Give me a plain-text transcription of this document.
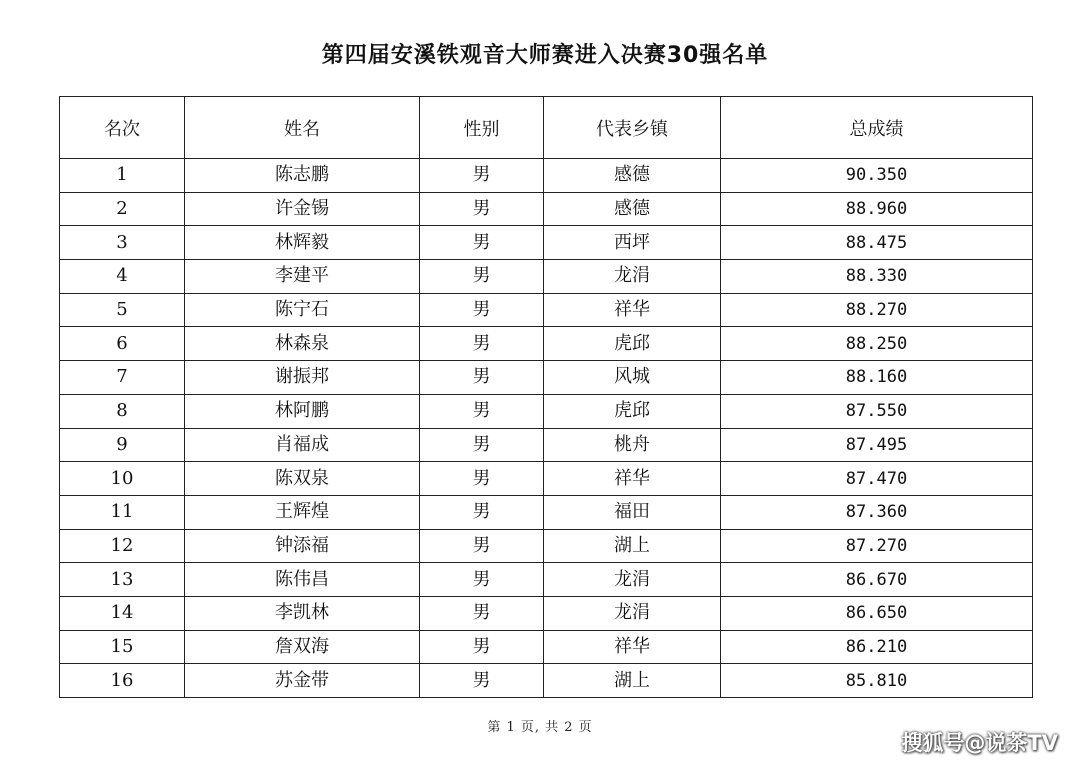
第四届安溪铁观音大师赛进入决赛30强名单
名次	姓名	性别	代表乡镇	总成绩
1	陈志鹏	男	感德	90.350
2	许金锡	男	感德	88.960
3	林辉毅	男	西坪	88.475
4	李建平	男	龙涓	88.330
5	陈宁石	男	祥华	88.270
6	林森泉	男	虎邱	88.250
7	谢振邦	男	风城	88.160
8	林阿鹏	男	虎邱	87.550
9	肖福成	男	桃舟	87.495
10	陈双泉	男	祥华	87.470
11	王辉煌	男	福田	87.360
12	钟添福	男	湖上	87.270
13	陈伟昌	男	龙涓	86.670
14	李凯林	男	龙涓	86.650
15	詹双海	男	祥华	86.210
16	苏金带	男	湖上	85.810
第 1 页, 共 2 页
搜狐号@说茶TV
